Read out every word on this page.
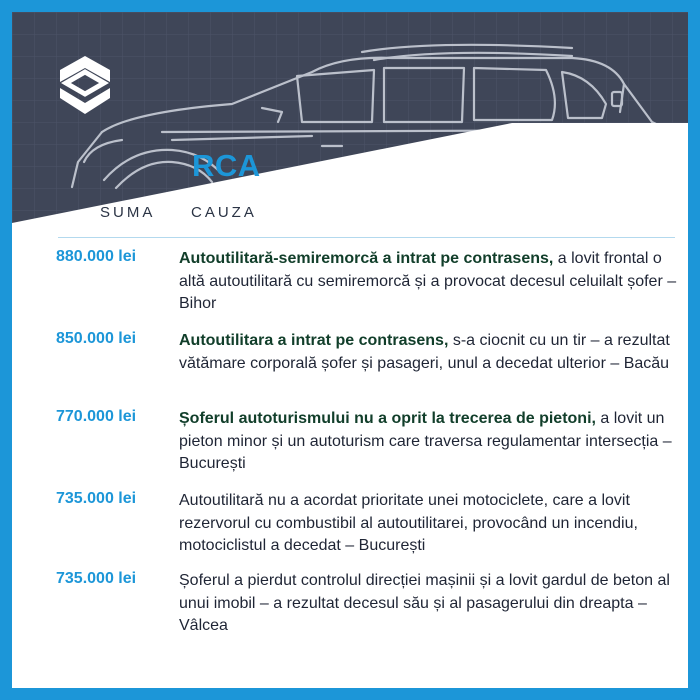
RCA
SUMA CAUZA
880.000 lei	Autoutilitară-semiremorcă a intrat pe contrasens, a lovit frontal o altă autoutilitară cu semiremorcă și a provocat decesul celuilalt șofer – Bihor
850.000 lei	Autoutilitara a intrat pe contrasens, s-a ciocnit cu un tir – a rezultat vătămare corporală șofer și pasageri, unul a decedat ulterior – Bacău
770.000 lei	Șoferul autoturismului nu a oprit la trecerea de pietoni, a lovit un pieton minor și un autoturism care traversa regulamentar intersecția – București
735.000 lei	Autoutilitară nu a acordat prioritate unei motociclete, care a lovit rezervorul cu combustibil al autoutilitarei, provocând un incendiu, motociclistul a decedat – București
735.000 lei	Șoferul a pierdut controlul direcției mașinii și a lovit gardul de beton al unui imobil – a rezultat decesul său și al pasagerului din dreapta – Vâlcea
